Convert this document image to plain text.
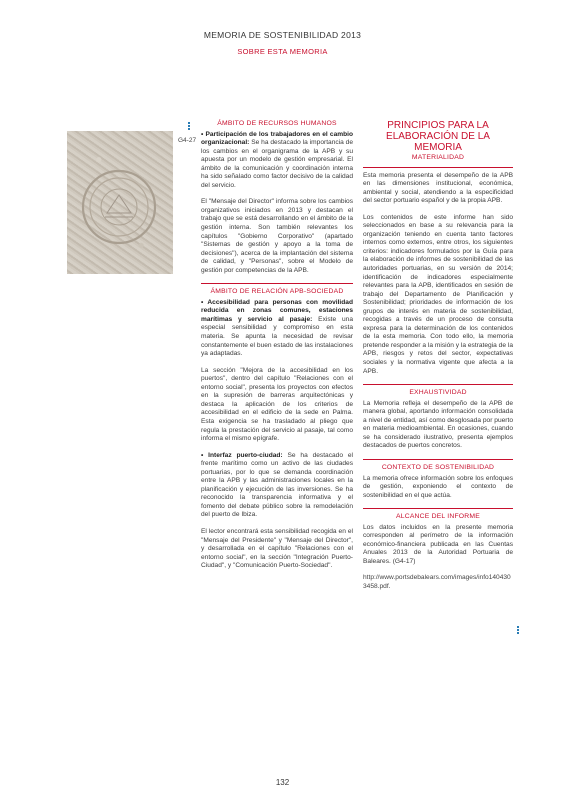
MEMORIA DE SOSTENIBILIDAD 2013
SOBRE ESTA MEMORIA
G4-27
ÁMBITO DE RECURSOS HUMANOS

• Participación de los trabajadores en el cambio organizacional: Se ha destacado la importancia de los cambios en el organigrama de la APB y su apuesta por un modelo de gestión empresarial. El ámbito de la comunicación y coordinación interna ha sido señalado como factor decisivo de la calidad del servicio.

El "Mensaje del Director" informa sobre los cambios organizativos iniciados en 2013 y destacan el trabajo que se está desarrollando en el ámbito de la gestión interna. Son también relevantes los capítulos "Gobierno Corporativo" (apartado "Sistemas de gestión y apoyo a la toma de decisiones"), acerca de la implantación del sistema de calidad, y "Personas", sobre el Modelo de gestión por competencias de la APB.

ÁMBITO DE RELACIÓN APB-SOCIEDAD

• Accesibilidad para personas con movilidad reducida en zonas comunes, estaciones marítimas y servicio al pasaje: Existe una especial sensibilidad y compromiso en esta materia. Se apunta la necesidad de revisar constantemente el buen estado de las instalaciones ya adaptadas.

La sección "Mejora de la accesibilidad en los puertos", dentro del capítulo "Relaciones con el entorno social", presenta los proyectos con efectos en la supresión de barreras arquitectónicas y destaca la aplicación de los criterios de accesibilidad en el edificio de la sede en Palma. Esta exigencia se ha trasladado al pliego que regula la prestación del servicio al pasaje, tal como informa el mismo epígrafe.

• Interfaz puerto-ciudad: Se ha destacado el frente marítimo como un activo de las ciudades portuarias, por lo que se demanda coordinación entre la APB y las administraciones locales en la planificación y ejecución de las inversiones. Se ha reconocido la transparencia informativa y el fomento del debate público sobre la remodelación del puerto de Ibiza.

El lector encontrará esta sensibilidad recogida en el "Mensaje del Presidente" y "Mensaje del Director", y desarrollada en el capítulo "Relaciones con el entorno social", en la sección "Integración Puerto-Ciudad", y "Comunicación Puerto-Sociedad".

PRINCIPIOS PARA LA ELABORACIÓN DE LA MEMORIA
MATERIALIDAD

Esta memoria presenta el desempeño de la APB en las dimensiones institucional, económica, ambiental y social, atendiendo a la especificidad del sector portuario español y de la propia APB.

Los contenidos de este informe han sido seleccionados en base a su relevancia para la organización teniendo en cuenta tanto factores internos como externos, entre otros, los siguientes criterios: indicadores formulados por la Guía para la elaboración de informes de sostenibilidad de las autoridades portuarias, en su versión de 2014; identificación de indicadores especialmente relevantes para la APB, identificados en sesión de trabajo del Departamento de Planificación y Sostenibilidad; prioridades de información de los grupos de interés en materia de sostenibilidad, recogidas a través de un proceso de consulta expresa para la determinación de los contenidos de la esta memoria. Con todo ello, la memoria pretende responder a la misión y la estrategia de la APB, riesgos y retos del sector, expectativas sociales y la normativa vigente que afecta a la APB.

EXHAUSTIVIDAD

La Memoria refleja el desempeño de la APB de manera global, aportando información consolidada a nivel de entidad, así como desglosada por puerto en materia medioambiental. En ocasiones, cuando se ha considerado ilustrativo, presenta ejemplos destacados de puertos concretos.

CONTEXTO DE SOSTENIBILIDAD

La memoria ofrece información sobre los enfoques de gestión, exponiendo el contexto de sostenibilidad en el que actúa.

ALCANCE DEL INFORME

Los datos incluidos en la presente memoria corresponden al perímetro de la información económico-financiera publicada en las Cuentas Anuales 2013 de la Autoridad Portuaria de Baleares. (G4-17)

http://www.portsdebalears.com/images/info1404303458.pdf.

132
